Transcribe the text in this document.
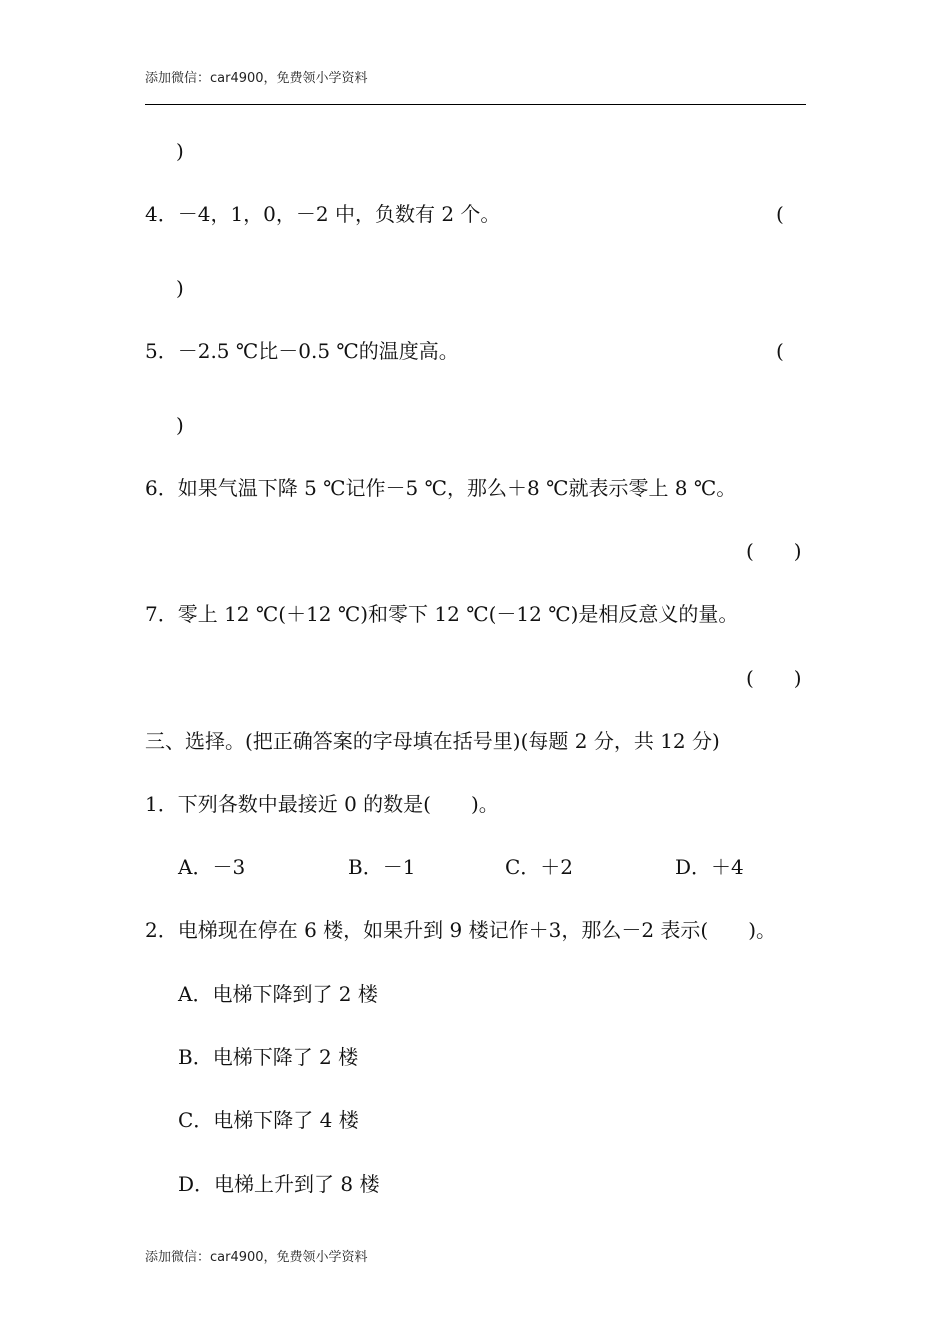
添加微信：car4900，免费领小学资料
)
4．－4，1，0，－2 中，负数有 2 个。	(
)
5．－2.5 ℃比－0.5 ℃的温度高。	(
)
6．如果气温下降 5 ℃记作－5 ℃，那么＋8 ℃就表示零上 8 ℃。
(　　)
7．零上 12 ℃(＋12 ℃)和零下 12 ℃(－12 ℃)是相反意义的量。
(　　)
三、选择。(把正确答案的字母填在括号里)(每题 2 分，共 12 分)
1．下列各数中最接近 0 的数是(　　)。
A．－3	B．－1	C．＋2	D．＋4
2．电梯现在停在 6 楼，如果升到 9 楼记作＋3，那么－2 表示(　　)。
A．电梯下降到了 2 楼
B．电梯下降了 2 楼
C．电梯下降了 4 楼
D．电梯上升到了 8 楼
添加微信：car4900，免费领小学资料
